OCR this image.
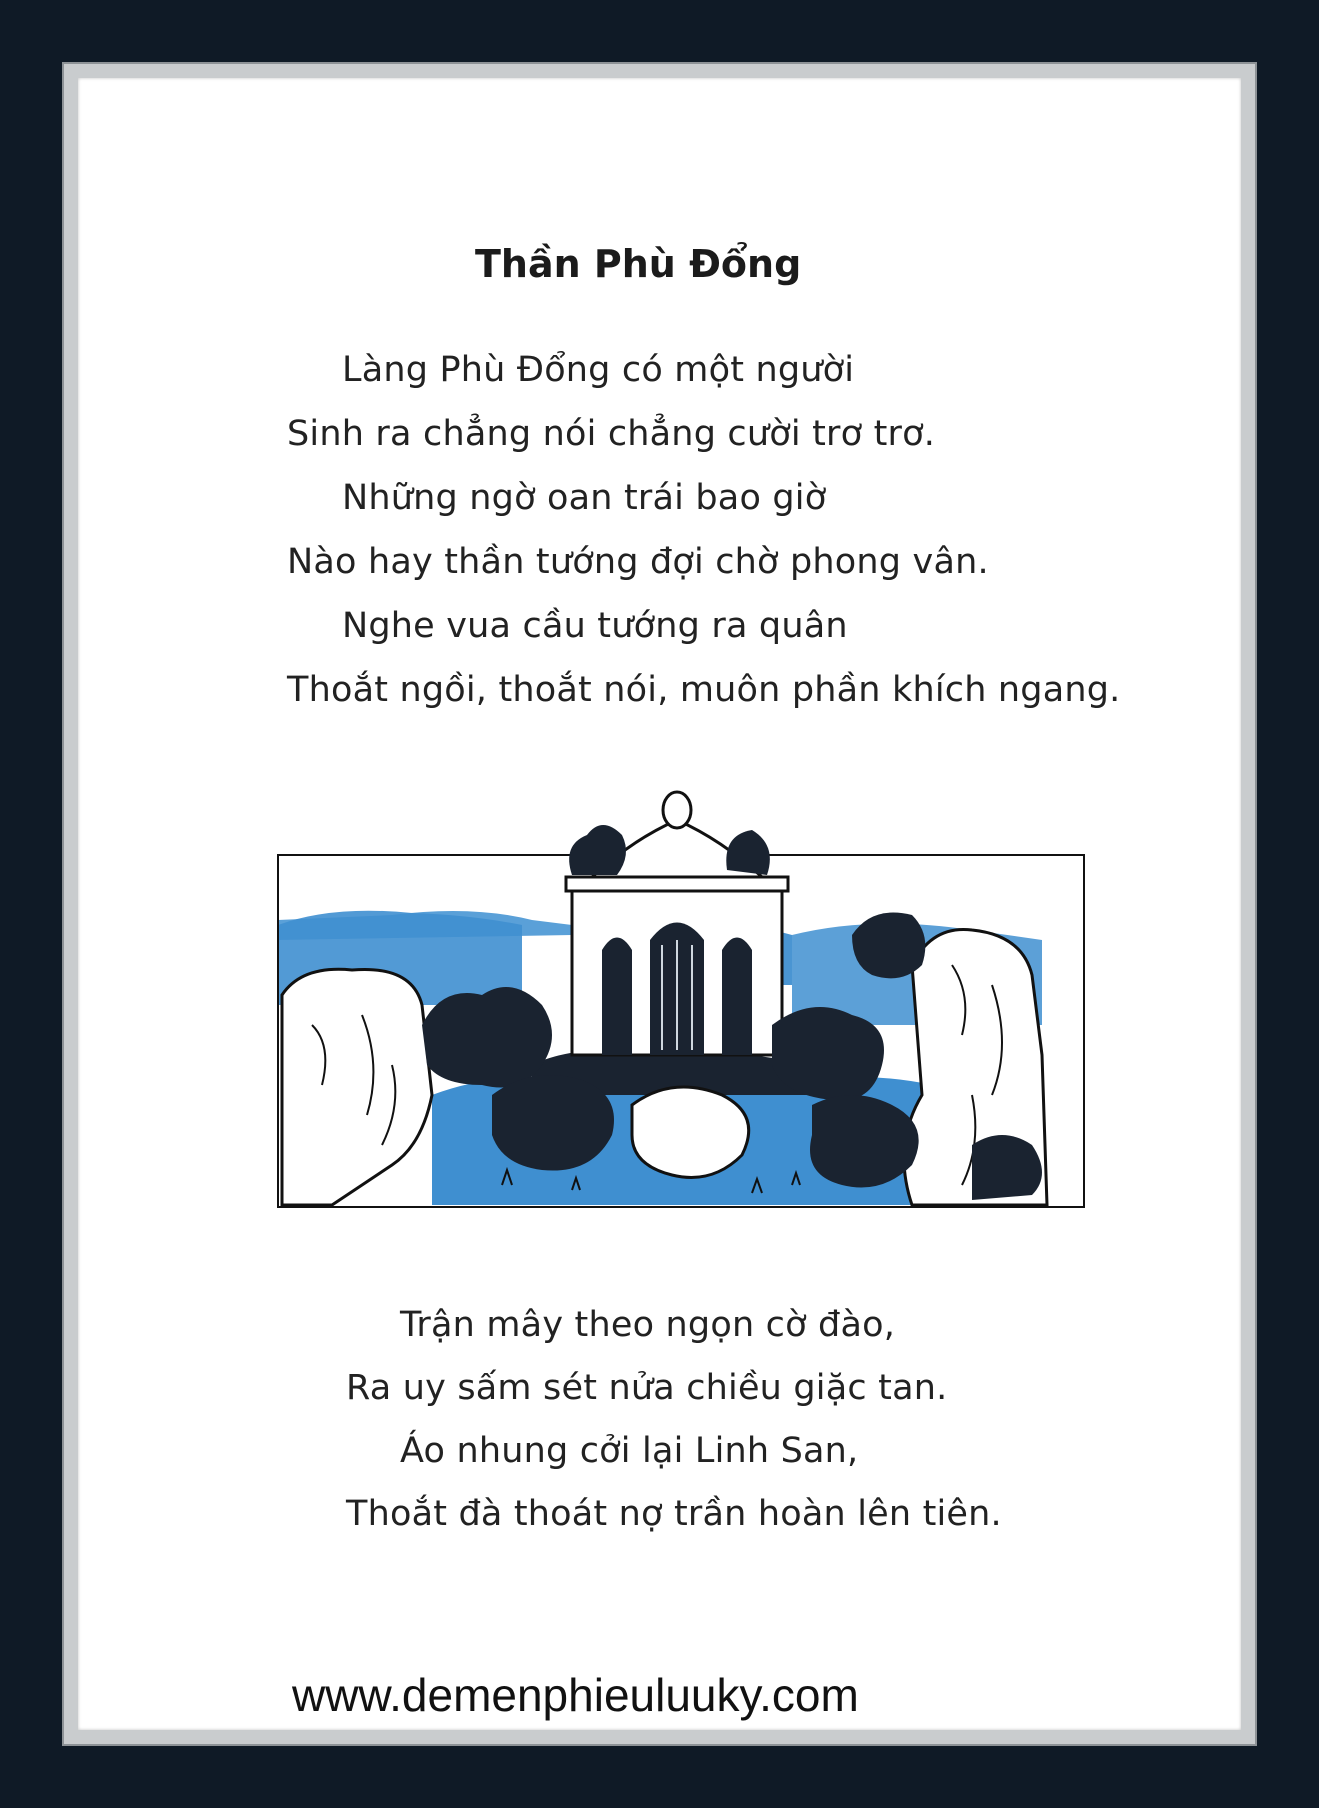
Thần Phù Đổng

Làng Phù Đổng có một người

Sinh ra chẳng nói chẳng cười trơ trơ.

Những ngờ oan trái bao giờ

Nào hay thần tướng đợi chờ phong vân.

Nghe vua cầu tướng ra quân

Thoắt ngồi, thoắt nói, muôn phần khích ngang.

Trận mây theo ngọn cờ đào,

Ra uy sấm sét nửa chiều giặc tan.

Áo nhung cởi lại Linh San,

Thoắt đà thoát nợ trần hoàn lên tiên.

www.demenphieuluuky.com
